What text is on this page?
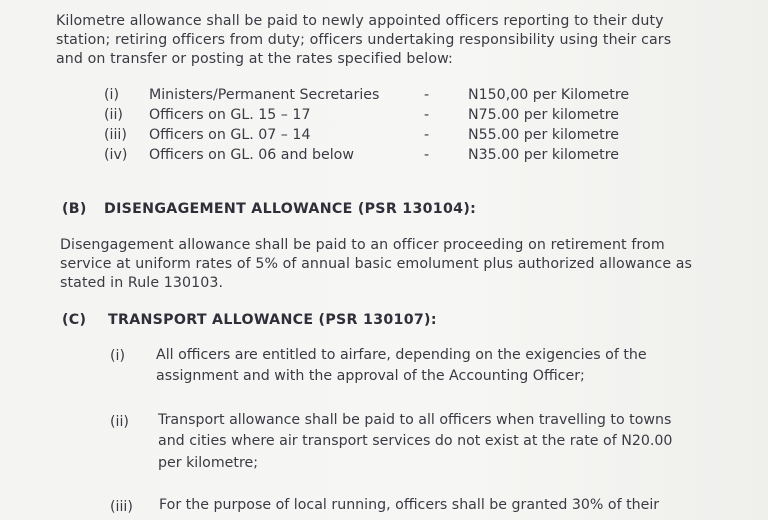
Kilometre allowance shall be paid to newly appointed officers reporting to their duty
station; retiring officers from duty; officers undertaking responsibility using their cars
and on transfer or posting at the rates specified below:
(i) Ministers/Permanent Secretaries	-	N150,00 per Kilometre
(ii) Officers on GL. 15 – 17	-	N75.00 per kilometre
(iii) Officers on GL. 07 – 14	-	N55.00 per kilometre
(iv) Officers on GL. 06 and below	-	N35.00 per kilometre
(B) DISENGAGEMENT ALLOWANCE (PSR 130104):
Disengagement allowance shall be paid to an officer proceeding on retirement from
service at uniform rates of 5% of annual basic emolument plus authorized allowance as
stated in Rule 130103.
(C) TRANSPORT ALLOWANCE (PSR 130107):
(i) All officers are entitled to airfare, depending on the exigencies of the
assignment and with the approval of the Accounting Officer;
(ii) Transport allowance shall be paid to all officers when travelling to towns
and cities where air transport services do not exist at the rate of N20.00
per kilometre;
(iii) For the purpose of local running, officers shall be granted 30% of their
